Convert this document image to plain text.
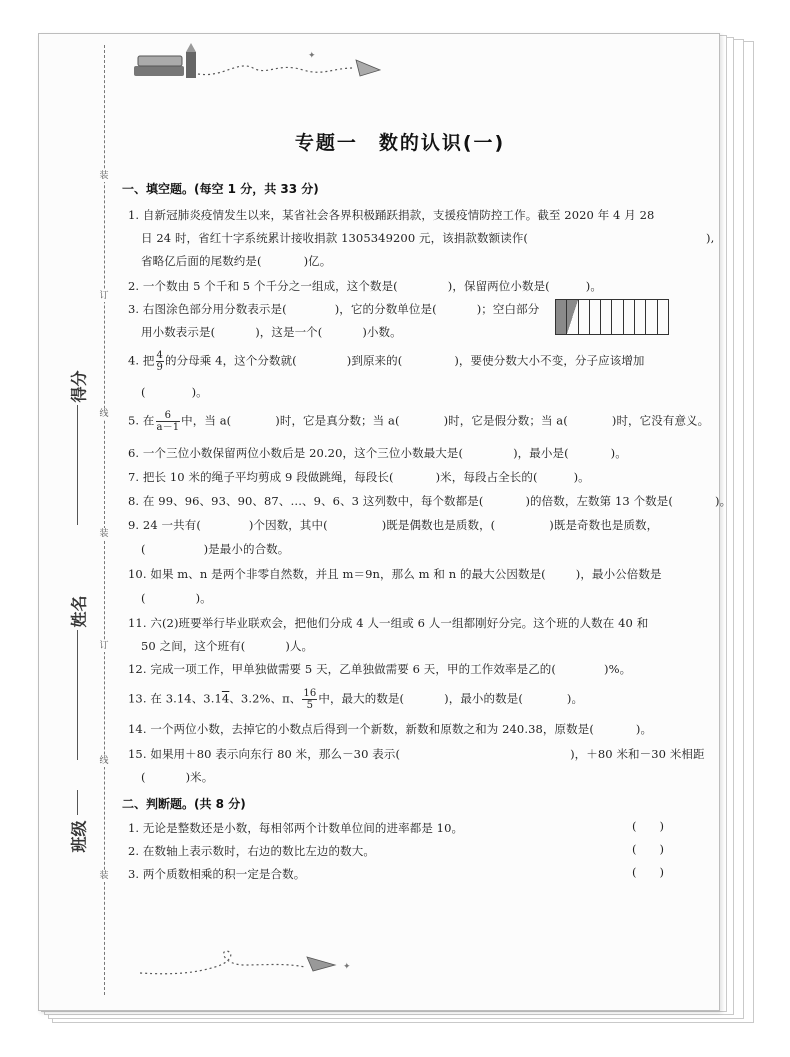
装
订
线
装
订
线
装
得分
姓名
班级
✦
✦
专题一　数的认识(一)
一、填空题。(每空 1 分，共 33 分)
1. 自新冠肺炎疫情发生以来，某省社会各界积极踊跃捐款，支援疫情防控工作。截至 2020 年 4 月 28
日 24 时，省红十字系统累计接收捐款 1305349200 元，该捐款数额读作(	),
省略亿后面的尾数约是(	)亿。
2. 一个数由 5 个千和 5 个千分之一组成，这个数是(	)，保留两位小数是(	)。
3. 右图涂色部分用分数表示是(	)，它的分数单位是(	)；空白部分
用小数表示是(	)，这是一个(	)小数。
4. 把 $\frac{4}{9}$ 的分母乘 4，这个分数就(	)到原来的(	)，要使分数大小不变，分子应该增加
(	)。
5. 在 $\frac{6}{a-1}$ 中，当 a(	)时，它是真分数；当 a(	)时，它是假分数；当 a(	)时，它没有意义。
6. 一个三位小数保留两位小数后是 20.20，这个三位小数最大是(	)，最小是(	)。
7. 把长 10 米的绳子平均剪成 9 段做跳绳，每段长(	)米，每段占全长的(	)。
8. 在 99、96、93、90、87、…、9、6、3 这列数中，每个数都是(	)的倍数，左数第 13 个数是(	)。
9. 24 一共有(	)个因数，其中(	)既是偶数也是质数，(	)既是奇数也是质数，
(	)是最小的合数。
10. 如果 m、n 是两个非零自然数，并且 m＝9n，那么 m 和 n 的最大公因数是(	)，最小公倍数是
(	)。
11. 六(2)班要举行毕业联欢会，把他们分成 4 人一组或 6 人一组都刚好分完。这个班的人数在 40 和
50 之间，这个班有(	)人。
12. 完成一项工作，甲单独做需要 5 天，乙单独做需要 6 天，甲的工作效率是乙的(	)%。
13. 在 3.14、3.14、3.2%、π、 $\frac{16}{5}$ 中，最大的数是(	)，最小的数是(	)。
14. 一个两位小数，去掉它的小数点后得到一个新数，新数和原数之和为 240.38，原数是(	)。
15. 如果用＋80 表示向东行 80 米，那么－30 表示(	)，＋80 米和－30 米相距
(	)米。
二、判断题。(共 8 分)
1. 无论是整数还是小数，每相邻两个计数单位间的进率都是 10。	(　　)
2. 在数轴上表示数时，右边的数比左边的数大。	(　　)
3. 两个质数相乘的积一定是合数。	(　　)
